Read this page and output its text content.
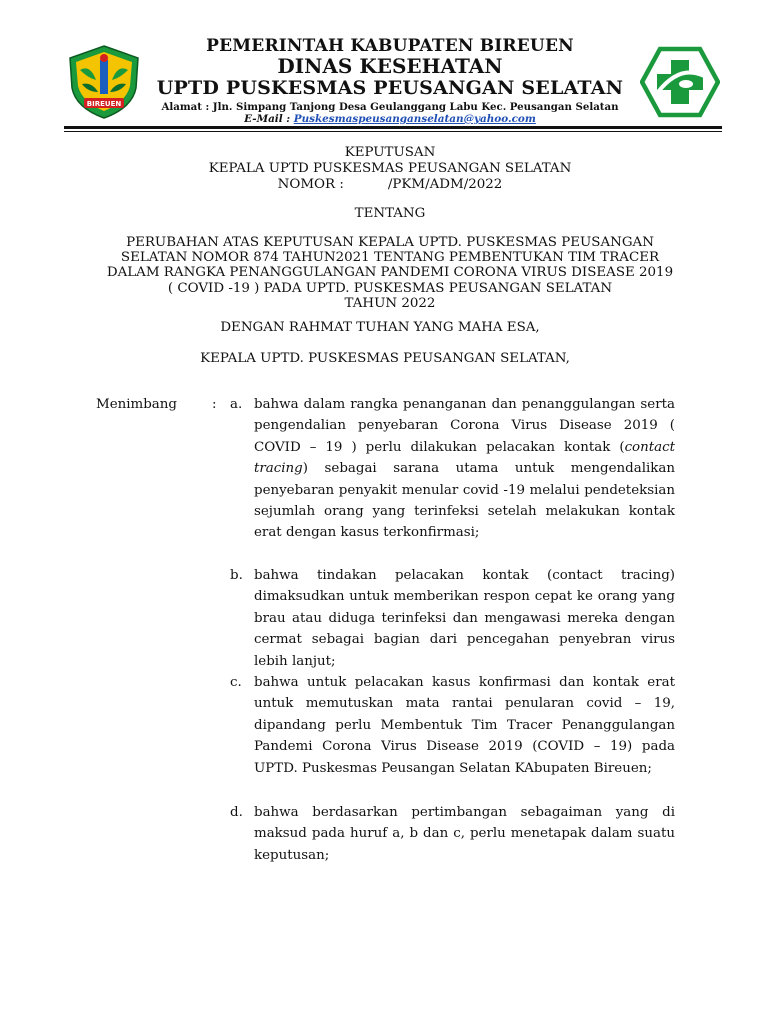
BIREUEN
PEMERINTAH KABUPATEN BIREUEN
DINAS KESEHATAN
UPTD PUSKESMAS PEUSANGAN SELATAN
Alamat : Jln. Simpang Tanjong Desa Geulanggang Labu Kec. Peusangan Selatan
E-Mail : Puskesmaspeusanganselatan@yahoo.com
KEPUTUSAN
KEPALA UPTD PUSKESMAS PEUSANGAN SELATAN
NOMOR :	/PKM/ADM/2022
TENTANG
PERUBAHAN ATAS KEPUTUSAN KEPALA UPTD. PUSKESMAS PEUSANGAN
SELATAN NOMOR 874 TAHUN2021 TENTANG PEMBENTUKAN TIM TRACER
DALAM RANGKA PENANGGULANGAN PANDEMI CORONA VIRUS DISEASE 2019
( COVID -19 ) PADA UPTD. PUSKESMAS PEUSANGAN SELATAN
TAHUN 2022
DENGAN RAHMAT TUHAN YANG MAHA ESA,
KEPALA UPTD. PUSKESMAS PEUSANGAN SELATAN,
Menimbang	: a. bahwa dalam rangka penanganan dan penanggulangan serta pengendalian penyebaran Corona Virus Disease 2019 ( COVID – 19 ) perlu dilakukan pelacakan kontak (contact tracing) sebagai sarana utama untuk mengendalikan penyebaran penyakit menular covid -19 melalui pendeteksian sejumlah orang yang terinfeksi setelah melakukan kontak erat dengan kasus terkonfirmasi;
b. bahwa tindakan pelacakan kontak (contact tracing) dimaksudkan untuk memberikan respon cepat ke orang yang brau atau diduga terinfeksi dan mengawasi mereka dengan cermat sebagai bagian dari pencegahan penyebran virus lebih lanjut;
c. bahwa untuk pelacakan kasus konfirmasi dan kontak erat untuk memutuskan mata rantai penularan covid – 19, dipandang perlu Membentuk Tim Tracer Penanggulangan Pandemi Corona Virus Disease 2019 (COVID – 19) pada UPTD. Puskesmas Peusangan Selatan KAbupaten Bireuen;
d. bahwa berdasarkan pertimbangan sebagaiman yang di maksud pada huruf a, b dan c, perlu menetapak dalam suatu keputusan;
